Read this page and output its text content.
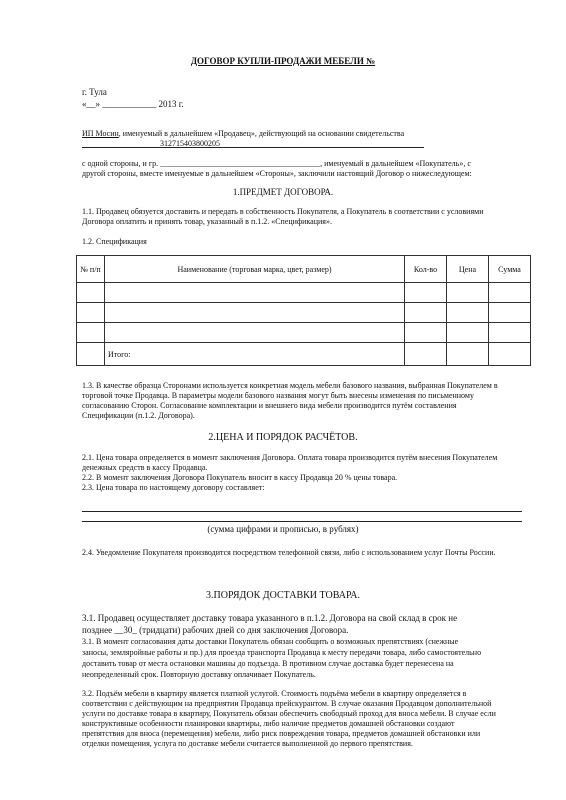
ДОГОВОР КУПЛИ-ПРОДАЖИ МЕБЕЛИ №
г. Тула
«__» ____________ 2013 г.
ИП Мосин, именуемый в дальнейшем «Продавец», действующий на основании свидетельства
312715403800205
с одной стороны, и гр. ________________________________________, именуемый в дальнейшем «Покупатель», с
другой стороны, вместе именуемые в дальнейшем «Стороны», заключили настоящий Договор о нижеследующем:
1.ПРЕДМЕТ ДОГОВОРА.
1.1. Продавец обязуется доставить и передать в собственность Покупателя, а Покупатель в соответствии с условиями
Договора оплатить и принять товар, указанный в п.1.2. «Спецификация».
1.2. Спецификация
№ п/п	Наименование (торговая марка, цвет, размер)	Кол-во	Цена	Сумма

	Итого:			
1.3. В качестве образца Сторонами используется конкретная модель мебели базового названия, выбранная Покупателем в
торговой точке Продавца. В параметры модели базового названия могут быть внесены изменения по письменному
согласованию Сторон. Согласование комплектации и внешнего вида мебели производится путём составления
Спецификации (п.1.2. Договора).
2.ЦЕНА И ПОРЯДОК РАСЧЁТОВ.
2.1. Цена товара определяется в момент заключения Договора. Оплата товара производится путём внесения Покупателем
денежных средств в кассу Продавца.
2.2. В момент заключения Договора Покупатель вносит в кассу Продавца 20 % цены товара.
2.3. Цена товара по настоящему договору составляет:
(сумма цифрами и прописью, в рублях)
2.4. Уведомление Покупателя производится посредством телефонной связи, либо с использованием услуг Почты России.
3.ПОРЯДОК ДОСТАВКИ ТОВАРА.
3.1. Продавец осуществляет доставку товара указанного в п.1.2. Договора на свой склад в срок не
позднее __30_ (тридцати) рабочих дней со дня заключения Договора.
3.1. В момент согласования даты доставки Покупатель обязан сообщить о возможных препятствиях (снежные
заносы, земляройные работы и пр.) для проезда транспорта Продавца к месту передачи товара, либо самостоятельно
доставить товар от места остановки машины до подъезда. В противном случае доставка будет перенесена на
неопределенный срок. Повторную доставку оплачивает Покупатель.
3.2. Подъём мебели в квартиру является платной услугой. Стоимость подъёма мебели в квартиру определяется в
соответствии с действующим на предприятии Продавца прейскурантом. В случае оказания Продавцом дополнительной
услуги по доставке товара в квартиру, Покупатель обязан обеспечить свободный проход для вноса мебели. В случае если
конструктивные особенности планировки квартиры, либо наличие предметов домашней обстановки создают
препятствия для вноса (перемещения) мебели, либо риск повреждения товара, предметов домашней обстановки или
отделки помещения, услуга по доставке мебели считается выполненной до первого препятствия.
